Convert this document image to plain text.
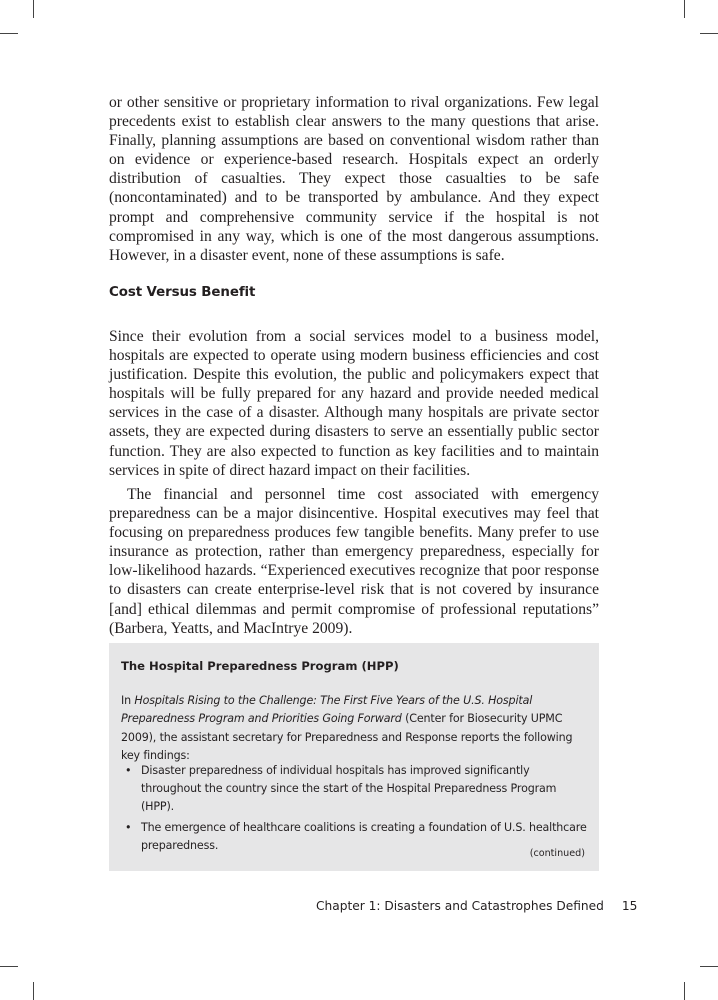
or other sensitive or proprietary information to rival organizations. Few legal precedents exist to establish clear answers to the many questions that arise. Finally, planning assumptions are based on conventional wisdom rather than on evidence or experience-based research. Hospitals expect an orderly distribution of casualties. They expect those casualties to be safe (noncontaminated) and to be transported by ambulance. And they expect prompt and comprehensive community service if the hospital is not compromised in any way, which is one of the most dangerous assumptions. However, in a disaster event, none of these assumptions is safe.

Cost Versus Benefit

Since their evolution from a social services model to a business model, hospitals are expected to operate using modern business efficiencies and cost justification. Despite this evolution, the public and policymakers expect that hospitals will be fully prepared for any hazard and provide needed medical services in the case of a disaster. Although many hospitals are private sector assets, they are expected during disasters to serve an essentially public sector function. They are also expected to function as key facilities and to maintain services in spite of direct hazard impact on their facilities.

The financial and personnel time cost associated with emergency preparedness can be a major disincentive. Hospital executives may feel that focusing on preparedness produces few tangible benefits. Many prefer to use insurance as protection, rather than emergency preparedness, especially for low-likelihood hazards. “Experienced executives recognize that poor response to disasters can create enterprise-level risk that is not covered by insurance [and] ethical dilemmas and permit compromise of professional reputations” (Barbera, Yeatts, and MacIntrye 2009).

The Hospital Preparedness Program (HPP)

In Hospitals Rising to the Challenge: The First Five Years of the U.S. Hospital Preparedness Program and Priorities Going Forward (Center for Biosecurity UPMC 2009), the assistant secretary for Preparedness and Response reports the following key findings:

• Disaster preparedness of individual hospitals has improved significantly throughout the country since the start of the Hospital Preparedness Program (HPP).
• The emergence of healthcare coalitions is creating a foundation of U.S. healthcare preparedness.
(continued)
Chapter 1: Disasters and Catastrophes Defined 15
